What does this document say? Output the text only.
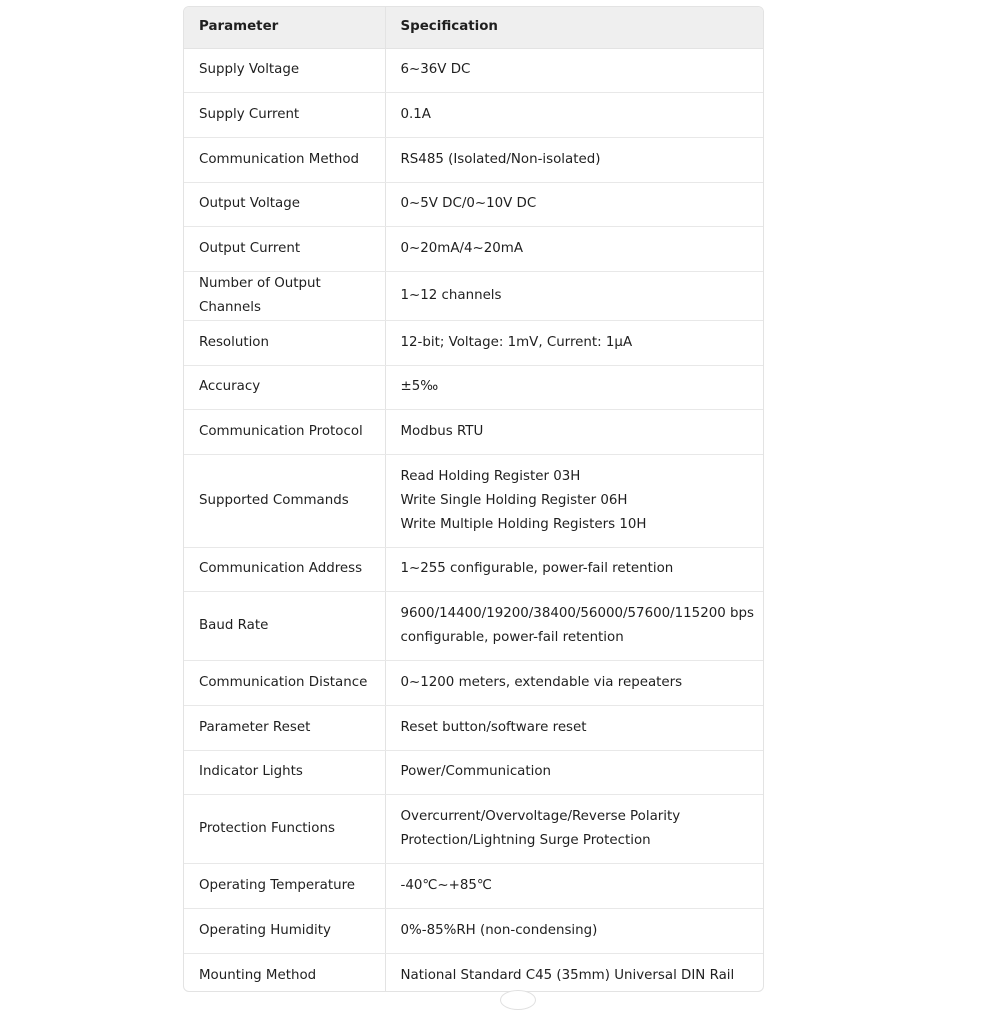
Parameter	Specification
Supply Voltage	6~36V DC

Supply Current	0.1A

Communication Method	RS485 (Isolated/Non-isolated)

Output Voltage	0~5V DC/0~10V DC

Output Current	0~20mA/4~20mA

Number of Output Channels	1~12 channels

Resolution	12-bit; Voltage: 1mV, Current: 1μA

Accuracy	±5‰

Communication Protocol	Modbus RTU

Supported Commands	Read Holding Register 03H
Write Single Holding Register 06H
Write Multiple Holding Registers 10H

Communication Address	1~255 configurable, power-fail retention

Baud Rate	9600/14400/19200/38400/56000/57600/115200 bps
configurable, power-fail retention

Communication Distance	0~1200 meters, extendable via repeaters

Parameter Reset	Reset button/software reset

Indicator Lights	Power/Communication

Protection Functions	Overcurrent/Overvoltage/Reverse Polarity
Protection/Lightning Surge Protection

Operating Temperature	-40℃~+85℃

Operating Humidity	0%-85%RH (non-condensing)

Mounting Method	National Standard C45 (35mm) Universal DIN Rail
